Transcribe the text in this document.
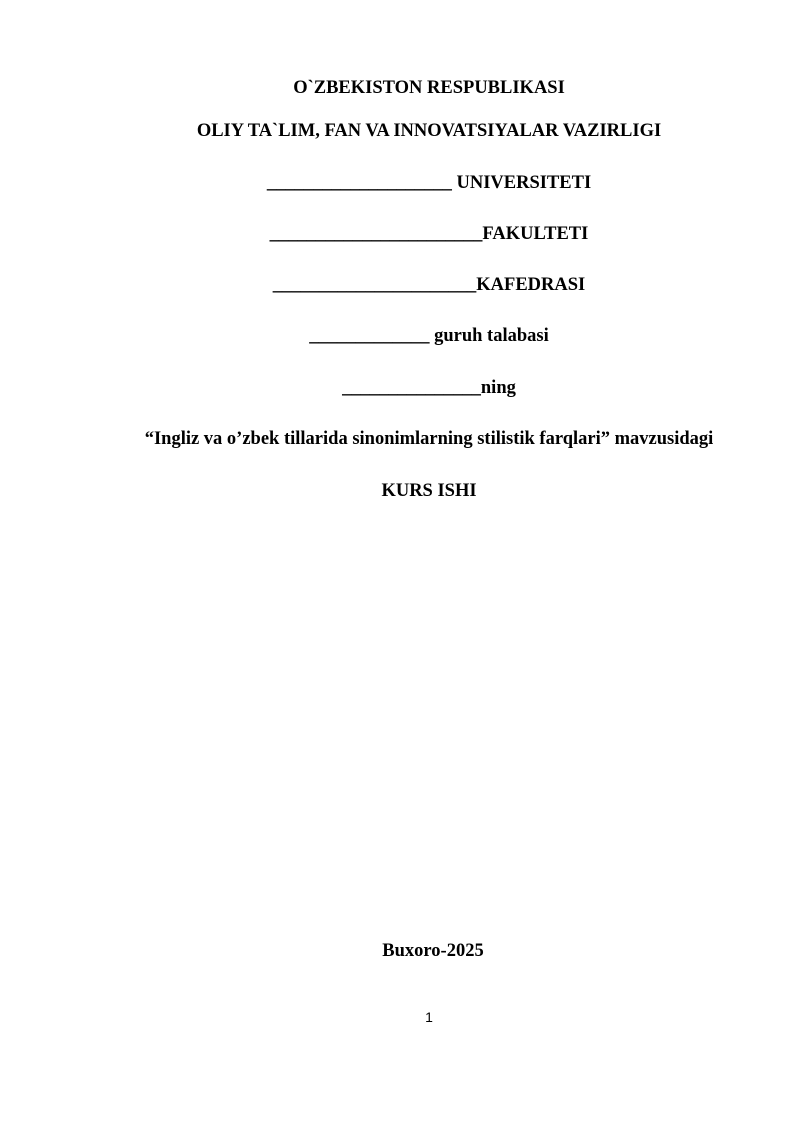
O`ZBEKISTON RESPUBLIKASI
OLIY TA`LIM, FAN VA INNOVATSIYALAR VAZIRLIGI
____________________ UNIVERSITETI
_______________________FAKULTETI
______________________KAFEDRASI
_____________ guruh talabasi
_______________ning
“Ingliz va o’zbek tillarida sinonimlarning stilistik farqlari” mavzusidagi
KURS ISHI
Buxoro-2025
1
